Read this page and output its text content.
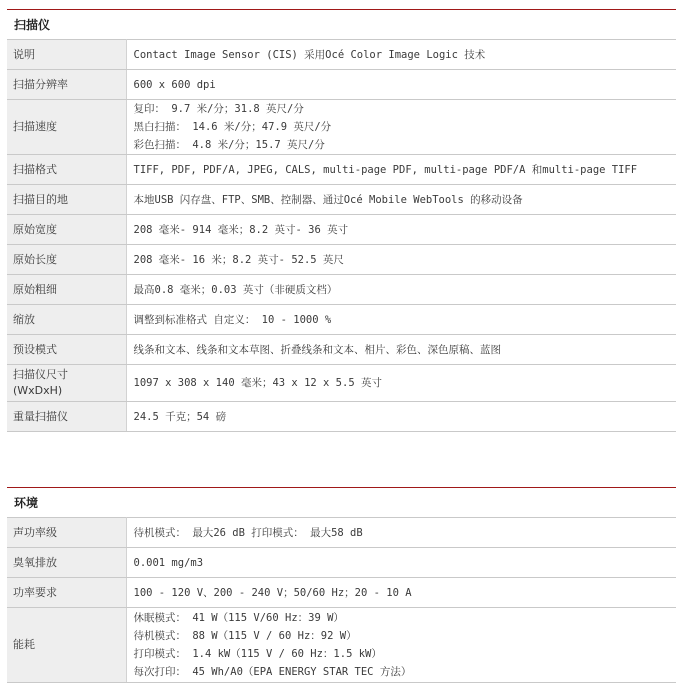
扫描仪
说明	Contact Image Sensor (CIS) 采用Océ Color Image Logic 技术

扫描分辨率	600 x 600 dpi

扫描速度	复印： 9.7 米/分；31.8 英尺/分
黑白扫描： 14.6 米/分；47.9 英尺/分
彩色扫描： 4.8 米/分；15.7 英尺/分

扫描格式	TIFF, PDF, PDF/A, JPEG, CALS, multi-page PDF, multi-page PDF/A 和multi-page TIFF

扫描目的地	本地USB 闪存盘、FTP、SMB、控制器、通过Océ Mobile WebTools 的移动设备

原始宽度	208 毫米- 914 毫米；8.2 英寸- 36 英寸

原始长度	208 毫米- 16 米；8.2 英寸- 52.5 英尺

原始粗细	最高0.8 毫米；0.03 英寸（非硬质文档）

缩放	调整到标准格式 自定义： 10 - 1000 %

预设模式	线条和文本、线条和文本草图、折叠线条和文本、相片、彩色、深色原稿、蓝图

扫描仪尺寸
(WxDxH)	1097 x 308 x 140 毫米；43 x 12 x 5.5 英寸

重量扫描仪	24.5 千克；54 磅
环境
声功率级	待机模式： 最大26 dB 打印模式： 最大58 dB

臭氧排放	0.001 mg/m3

功率要求	100 - 120 V、200 - 240 V；50/60 Hz；20 - 10 A

能耗	休眠模式： 41 W（115 V/60 Hz：39 W）
待机模式： 88 W（115 V / 60 Hz：92 W）
打印模式： 1.4 kW（115 V / 60 Hz：1.5 kW）
每次打印： 45 Wh/A0（EPA ENERGY STAR TEC 方法）
